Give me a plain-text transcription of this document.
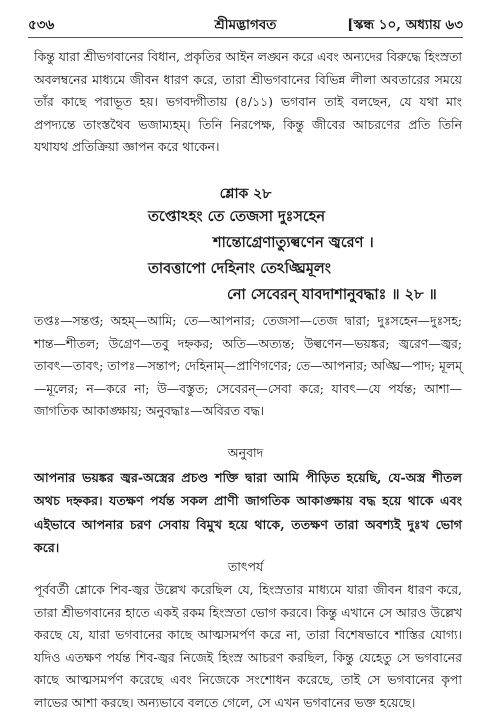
৫৩৬	শ্রীমদ্ভাগবত	[স্কন্ধ ১০, অধ্যায় ৬৩

কিন্তু যারা শ্রীভগবানের বিধান, প্রকৃতির আইন লঙ্ঘন করে এবং অন্যদের বিরুদ্ধে হিংস্রতা অবলম্বনের মাধ্যমে জীবন ধারণ করে, তারা শ্রীভগবানের বিভিন্ন লীলা অবতারের সময়ে তাঁর কাছে পরাভূত হয়। ভগবদ্গীতায় (৪/১১) ভগবান তাই বলছেন, যে যথা মাং প্রপদ্যন্তে তাংস্তথৈব ভজাম্যহম্। তিনি নিরপেক্ষ, কিন্তু জীবের আচরণের প্রতি তিনি যথাযথ প্রতিক্রিয়া জ্ঞাপন করে থাকেন।

শ্লোক ২৮
তপ্তোঽহং তে তেজসা দুঃসহেন
শান্তোগ্রেণাত্যুল্বণেন জ্বরেণ ।
তাবত্তাপো দেহিনাং তেঽঙ্ঘ্রিমূলং
নো সেবেরন্ যাবদাশানুবদ্ধাঃ ॥ ২৮ ॥

তপ্তঃ—সন্তপ্ত; অহম্—আমি; তে—আপনার; তেজসা—তেজ দ্বারা; দুঃসহেন—দুঃসহ; শান্ত—শীতল; উগ্রেণ—তবু দহ্নকর; অতি—অত্যন্ত; উল্বণেন—ভয়ঙ্কর; জ্বরেণ—জ্বর; তাবৎ—তাবৎ; তাপঃ—সন্তাপ; দেহিনাম্—প্রাণিগণের; তে—আপনার; অঙ্ঘ্রি—পাদ; মূলম্—মূলের; ন—করে না; উ—বস্তুত; সেবেরন্—সেবা করে; যাবৎ—যে পর্যন্ত; আশা—জাগতিক আকাঙ্ক্ষায়; অনুবদ্ধাঃ—অবিরত বদ্ধ।

অনুবাদ

আপনার ভয়ঙ্কর জ্বর-অস্ত্রের প্রচণ্ড শক্তি দ্বারা আমি পীড়িত হয়েছি, যে-অস্ত্র শীতল অথচ দহ্নকর। যতক্ষণ পর্যন্ত সকল প্রাণী জাগতিক আকাঙ্ক্ষায় বদ্ধ হয়ে থাকে এবং এইভাবে আপনার চরণ সেবায় বিমুখ হয়ে থাকে, ততক্ষণ তারা অবশ্যই দুঃখ ভোগ করে।

তাৎপর্য

পূর্ববর্তী শ্লোকে শিব-জ্বর উল্লেখ করেছিল যে, হিংস্রতার মাধ্যমে যারা জীবন ধারণ করে, তারা শ্রীভগবানের হাতে একই রকম হিংস্রতা ভোগ করবে। কিন্তু এখানে সে আরও উল্লেখ করছে যে, যারা ভগবানের কাছে আত্মসমর্পণ করে না, তারা বিশেষভাবে শাস্তির যোগ্য। যদিও এতক্ষণ পর্যন্ত শিব-জ্বর নিজেই হিংস্র আচরণ করছিল, কিন্তু যেহেতু সে ভগবানের কাছে আত্মসমর্পণ করেছে এবং নিজেকে সংশোধন করেছে, তাই সে ভগবানের কৃপা লাভের আশা করছে। অন্যভাবে বলতে গেলে, সে এখন ভগবানের ভক্ত হয়েছে।
